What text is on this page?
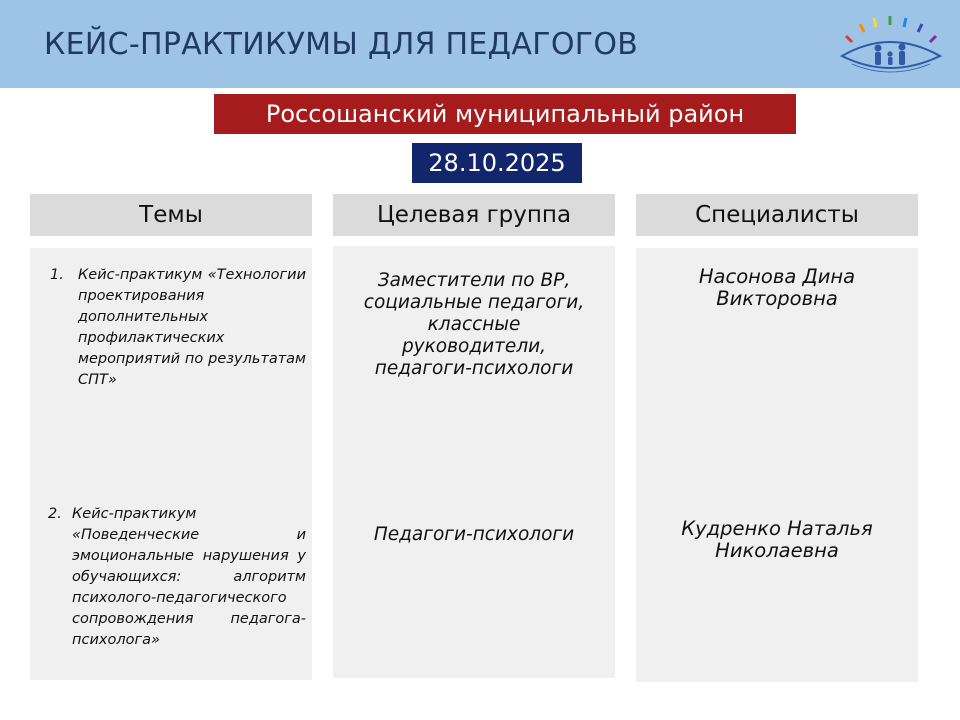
КЕЙС-ПРАКТИКУМЫ ДЛЯ ПЕДАГОГОВ
Россошанский муниципальный район
28.10.2025
Темы	Целевая группа	Специалисты
1. Кейс-практикум «Технологии проектирования дополнительных профилактических мероприятий по результатам СПТ»
2. Кейс-практикум «Поведенческие и эмоциональные нарушения у обучающихся: алгоритм психолого-педагогического сопровождения педагога-психолога»
Заместители по ВР, социальные педагоги, классные руководители, педагоги-психологи
Педагоги-психологи
Насонова Дина Викторовна
Кудренко Наталья Николаевна
